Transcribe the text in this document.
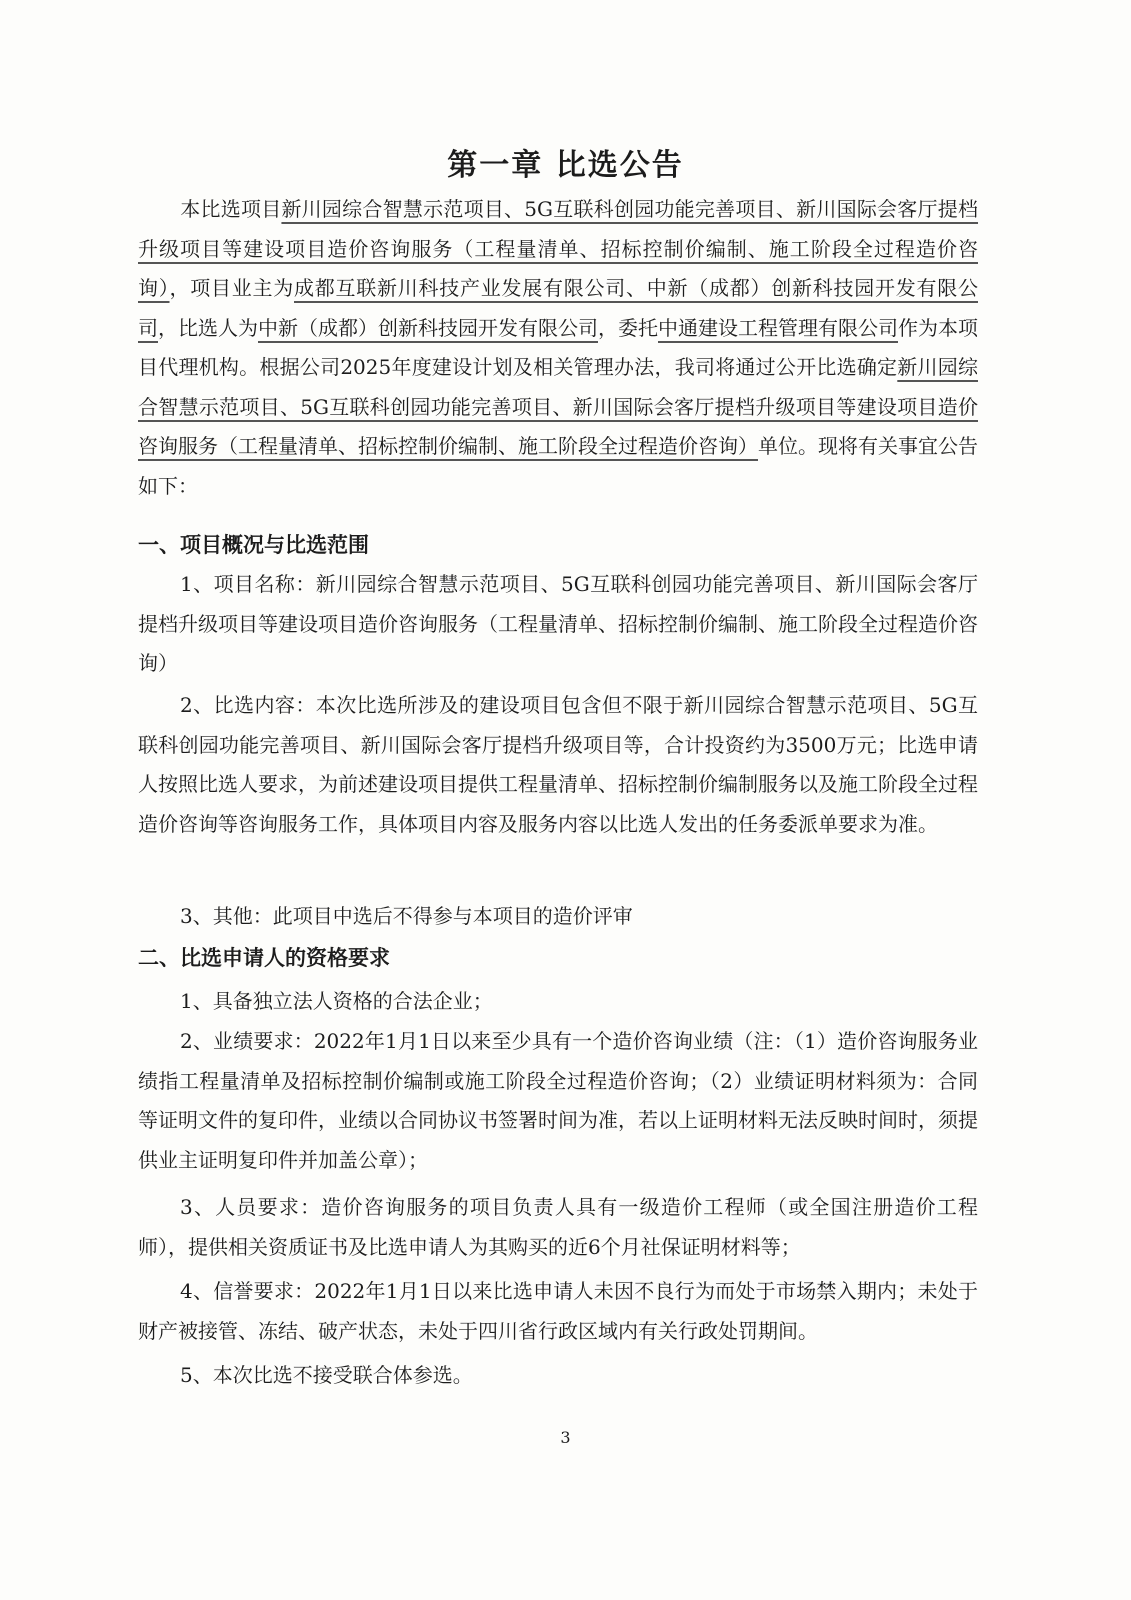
第一章 比选公告
本比选项目新川园综合智慧示范项目、5G互联科创园功能完善项目、新川国际会客厅提档升级项目等建设项目造价咨询服务（工程量清单、招标控制价编制、施工阶段全过程造价咨询），项目业主为成都互联新川科技产业发展有限公司、中新（成都）创新科技园开发有限公司，比选人为中新（成都）创新科技园开发有限公司，委托中通建设工程管理有限公司作为本项目代理机构。根据公司2025年度建设计划及相关管理办法，我司将通过公开比选确定新川园综合智慧示范项目、5G互联科创园功能完善项目、新川国际会客厅提档升级项目等建设项目造价咨询服务（工程量清单、招标控制价编制、施工阶段全过程造价咨询）单位。现将有关事宜公告如下：
一、项目概况与比选范围
1、项目名称：新川园综合智慧示范项目、5G互联科创园功能完善项目、新川国际会客厅提档升级项目等建设项目造价咨询服务（工程量清单、招标控制价编制、施工阶段全过程造价咨询）
2、比选内容：本次比选所涉及的建设项目包含但不限于新川园综合智慧示范项目、5G互联科创园功能完善项目、新川国际会客厅提档升级项目等，合计投资约为3500万元；比选申请人按照比选人要求，为前述建设项目提供工程量清单、招标控制价编制服务以及施工阶段全过程造价咨询等咨询服务工作，具体项目内容及服务内容以比选人发出的任务委派单要求为准。
3、其他：此项目中选后不得参与本项目的造价评审
二、比选申请人的资格要求
1、具备独立法人资格的合法企业；
2、业绩要求：2022年1月1日以来至少具有一个造价咨询业绩（注：（1）造价咨询服务业绩指工程量清单及招标控制价编制或施工阶段全过程造价咨询；（2）业绩证明材料须为：合同等证明文件的复印件，业绩以合同协议书签署时间为准，若以上证明材料无法反映时间时，须提供业主证明复印件并加盖公章）；
3、人员要求：造价咨询服务的项目负责人具有一级造价工程师（或全国注册造价工程师），提供相关资质证书及比选申请人为其购买的近6个月社保证明材料等；
4、信誉要求：2022年1月1日以来比选申请人未因不良行为而处于市场禁入期内；未处于财产被接管、冻结、破产状态，未处于四川省行政区域内有关行政处罚期间。
5、本次比选不接受联合体参选。
3
